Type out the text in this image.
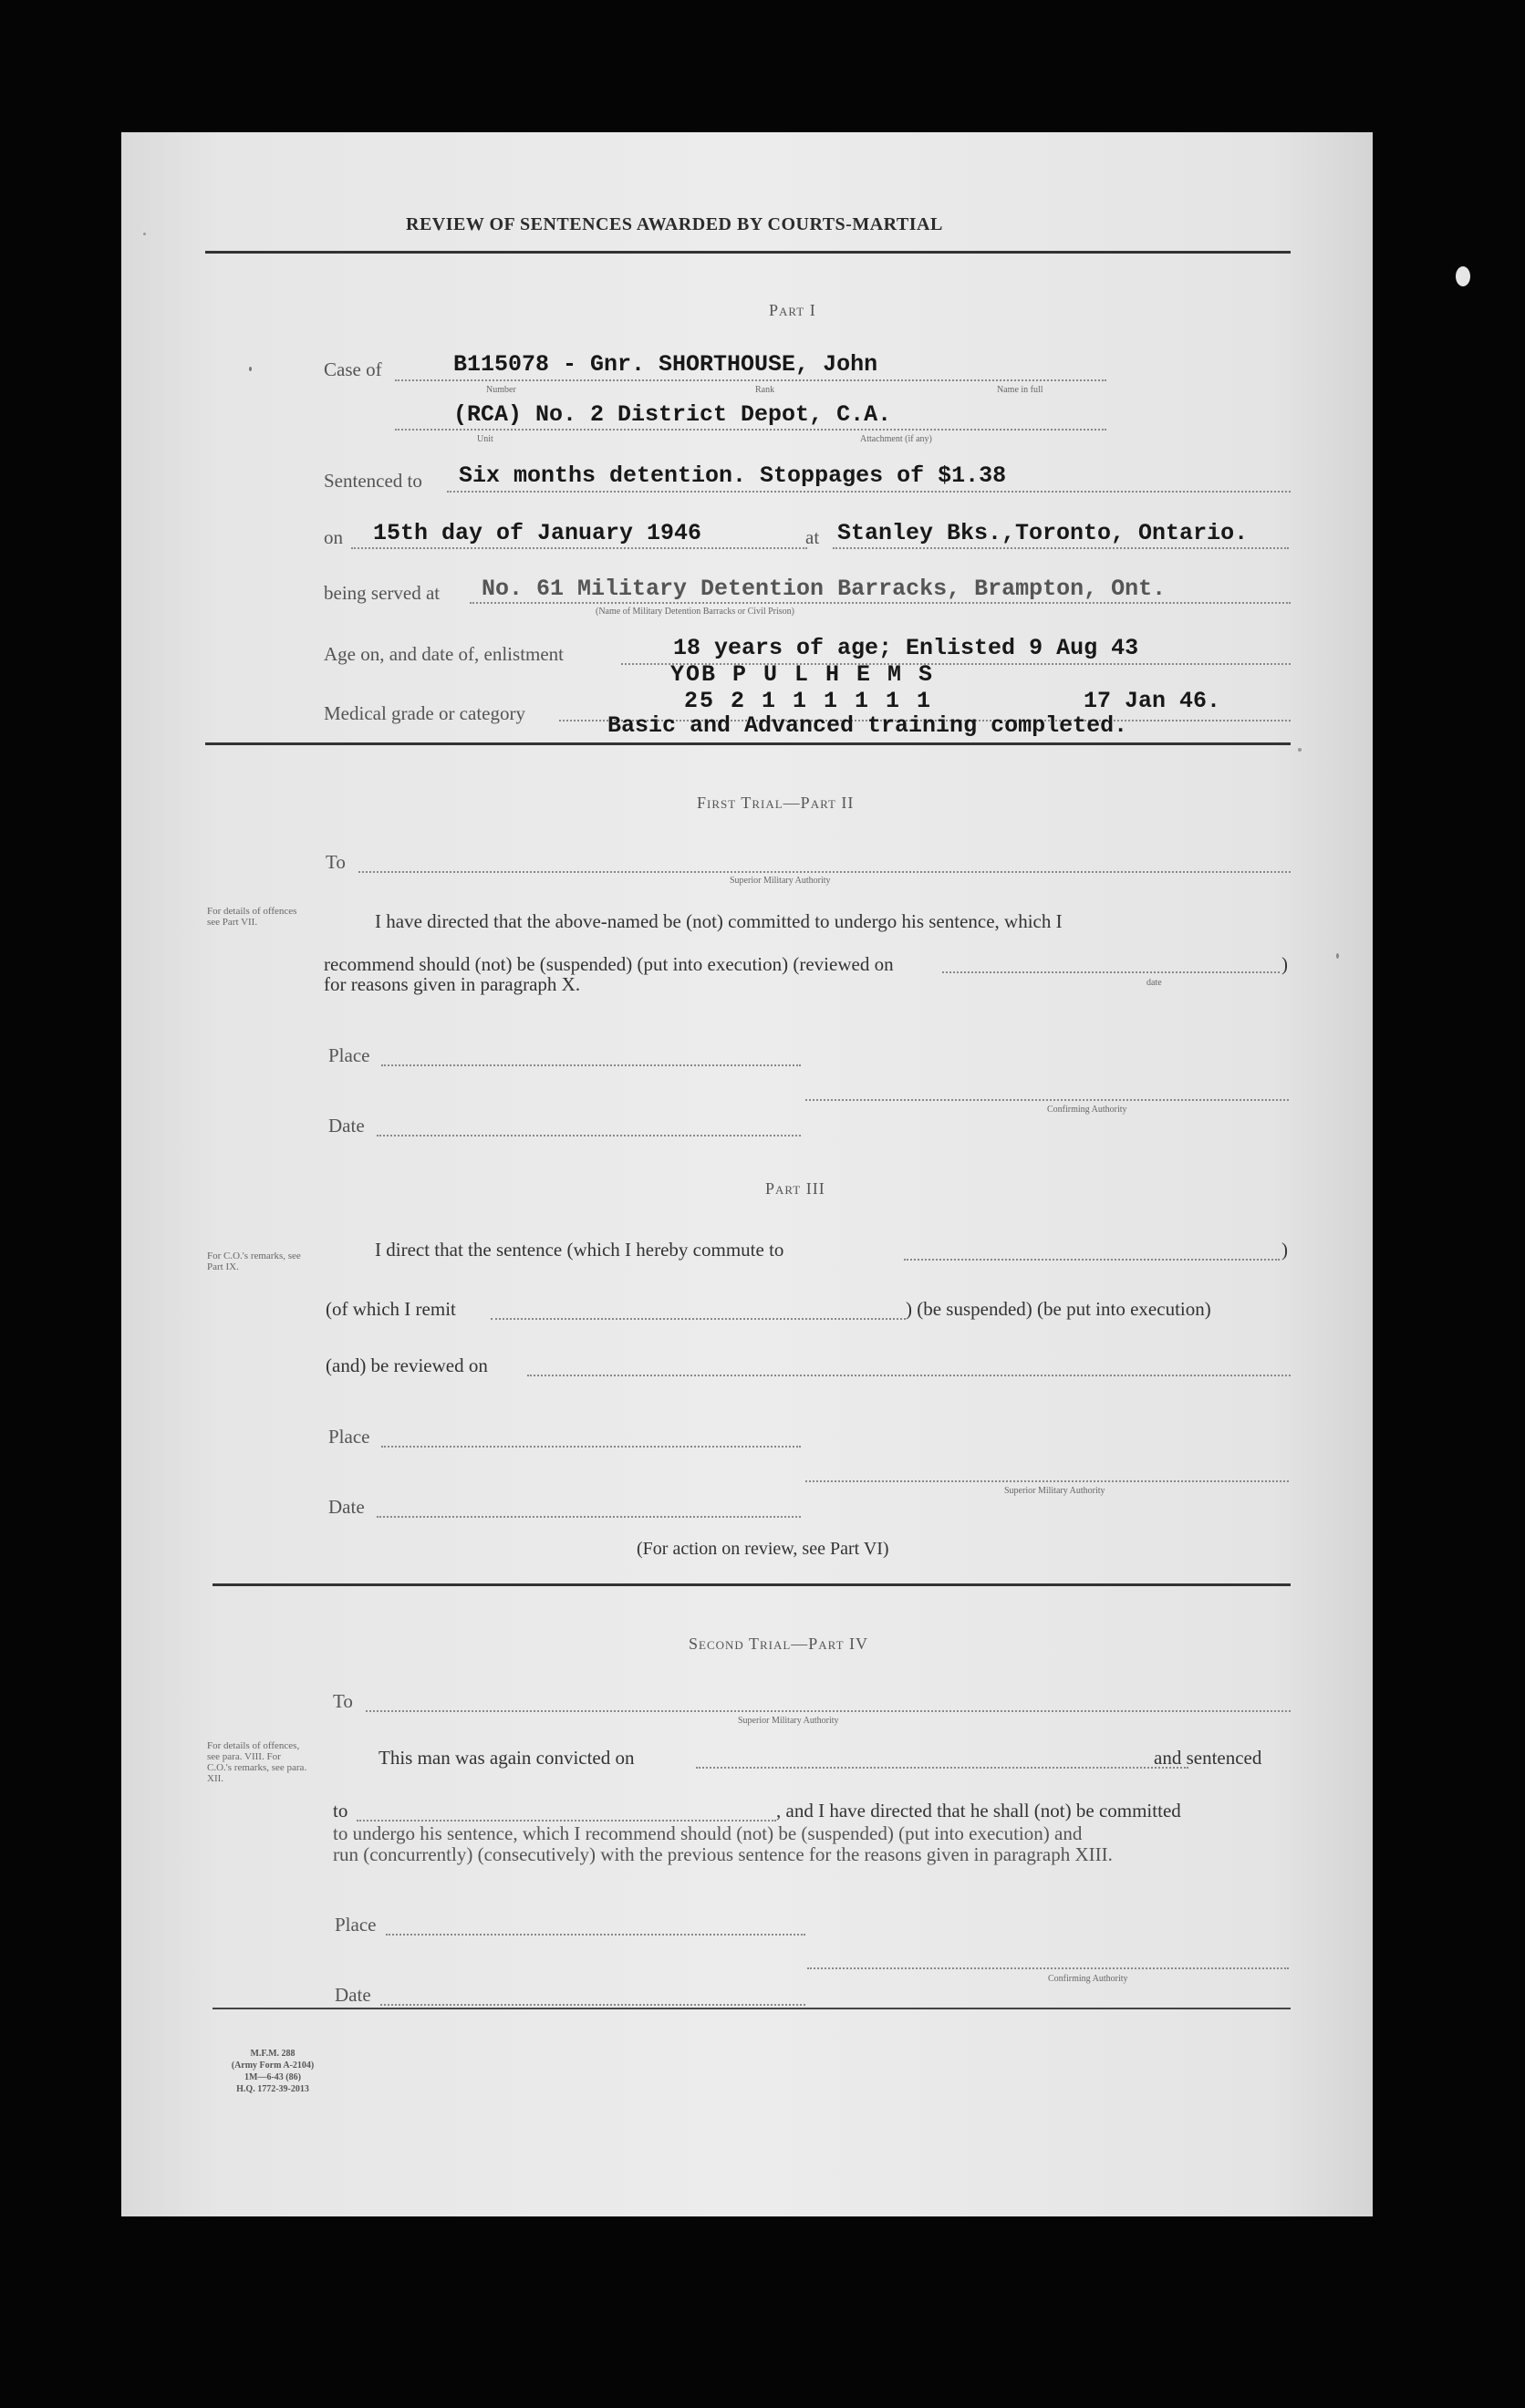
REVIEW OF SENTENCES AWARDED BY COURTS-MARTIAL
Part I
Case of	B115078 - Gnr. SHORTHOUSE, John
Number	Rank	Name in full
(RCA) No. 2 District Depot, C.A.
Unit	Attachment (if any)
Sentenced to Six months detention. Stoppages of $1.38
on 15th day of January 1946	at Stanley Bks.,Toronto, Ontario.
being served at No. 61 Military Detention Barracks, Brampton, Ont.
(Name of Military Detention Barracks or Civil Prison)
Age on, and date of, enlistment	18 years of age; Enlisted 9 Aug 43
YOB P U L H E M S
Medical grade or category	25 2 1 1 1 1 1 1	17 Jan 46.
Basic and Advanced training completed.
First Trial—Part II
To
Superior Military Authority
For details of offences see Part VII.	I have directed that the above-named be (not) committed to undergo his sentence, which I
recommend should (not) be (suspended) (put into execution) (reviewed on	)
date
for reasons given in paragraph X.
Place
Confirming Authority
Date
Part III
For C.O.'s remarks, see Part IX.
I direct that the sentence (which I hereby commute to	)
(of which I remit	) (be suspended) (be put into execution)
(and) be reviewed on
Place
Superior Military Authority
Date
(For action on review, see Part VI)
Second Trial—Part IV
To
Superior Military Authority
For details of offences, see para. VIII. For C.O.'s remarks, see para. XII.
This man was again convicted on	and sentenced
to	, and I have directed that he shall (not) be committed
to undergo his sentence, which I recommend should (not) be (suspended) (put into execution) and
run (concurrently) (consecutively) with the previous sentence for the reasons given in paragraph XIII.
Place
Confirming Authority
Date
M.F.M. 288
(Army Form A-2104)
1M—6-43 (86)
H.Q. 1772-39-2013
